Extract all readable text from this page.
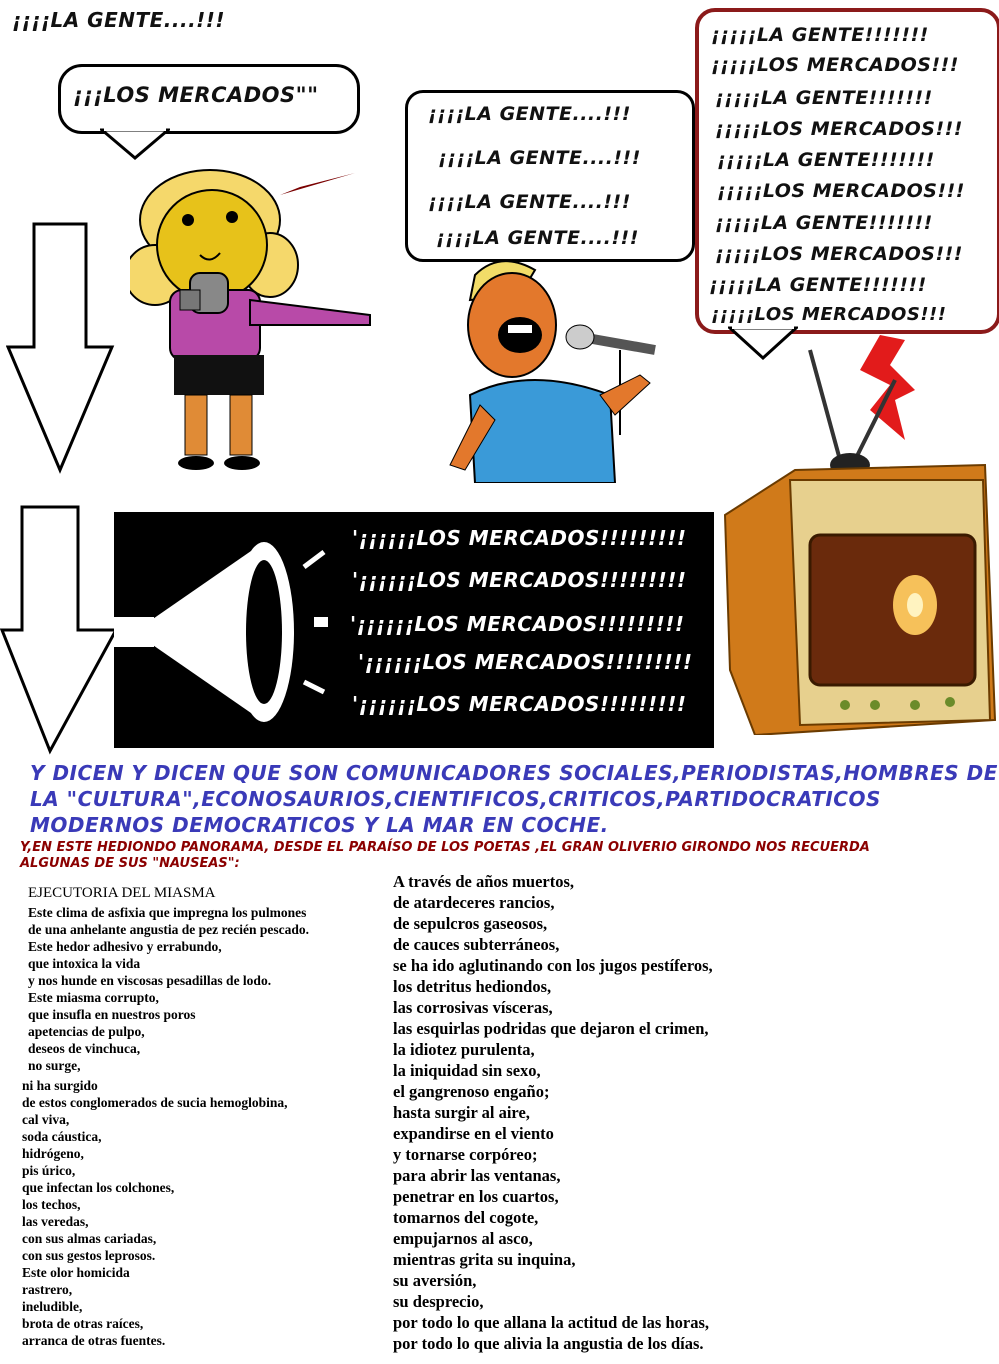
¡¡¡¡LA GENTE....!!!
¡¡¡LOS MERCADOS""
¡¡¡¡LA GENTE....!!!
¡¡¡¡LA GENTE....!!!
¡¡¡¡LA GENTE....!!!
¡¡¡¡LA GENTE....!!!
¡¡¡¡¡LA GENTE!!!!!!!
¡¡¡¡¡LOS MERCADOS!!!
¡¡¡¡¡LA GENTE!!!!!!!
¡¡¡¡¡LOS MERCADOS!!!
¡¡¡¡¡LA GENTE!!!!!!!
¡¡¡¡¡LOS MERCADOS!!!
¡¡¡¡¡LA GENTE!!!!!!!
¡¡¡¡¡LOS MERCADOS!!!
¡¡¡¡¡LA GENTE!!!!!!!
¡¡¡¡¡LOS MERCADOS!!!
'¡¡¡¡¡¡LOS MERCADOS!!!!!!!!!
'¡¡¡¡¡¡LOS MERCADOS!!!!!!!!!
'¡¡¡¡¡¡LOS MERCADOS!!!!!!!!!
'¡¡¡¡¡¡LOS MERCADOS!!!!!!!!!
'¡¡¡¡¡¡LOS MERCADOS!!!!!!!!!
Y DICEN Y DICEN QUE SON COMUNICADORES SOCIALES,PERIODISTAS,HOMBRES DE
LA "CULTURA",ECONOSAURIOS,CIENTIFICOS,CRITICOS,PARTIDOCRATICOS
MODERNOS DEMOCRATICOS Y LA MAR EN COCHE.
Y,EN ESTE HEDIONDO PANORAMA, DESDE EL PARAÍSO DE LOS POETAS ,EL GRAN OLIVERIO GIRONDO NOS RECUERDA
ALGUNAS DE SUS "NAUSEAS":
EJECUTORIA DEL MIASMA
Este clima de asfixia que impregna los pulmones
de una anhelante angustia de pez recién pescado.
Este hedor adhesivo y errabundo,
que intoxica la vida
y nos hunde en viscosas pesadillas de lodo.
Este miasma corrupto,
que insufla en nuestros poros
apetencias de pulpo,
deseos de vinchuca,
no surge,
ni ha surgido
de estos conglomerados de sucia hemoglobina,
cal viva,
soda cáustica,
hidrógeno,
pis úrico,
que infectan los colchones,
los techos,
las veredas,
con sus almas cariadas,
con sus gestos leprosos.
Este olor homicida
rastrero,
ineludible,
brota de otras raíces,
arranca de otras fuentes.
A través de años muertos,
de atardeceres rancios,
de sepulcros gaseosos,
de cauces subterráneos,
se ha ido aglutinando con los jugos pestíferos,
los detritus hediondos,
las corrosivas vísceras,
las esquirlas podridas que dejaron el crimen,
la idiotez purulenta,
la iniquidad sin sexo,
el gangrenoso engaño;
hasta surgir al aire,
expandirse en el viento
y tornarse corpóreo;
para abrir las ventanas,
penetrar en los cuartos,
tomarnos del cogote,
empujarnos al asco,
mientras grita su inquina,
su aversión,
su desprecio,
por todo lo que allana la actitud de las horas,
por todo lo que alivia la angustia de los días.
